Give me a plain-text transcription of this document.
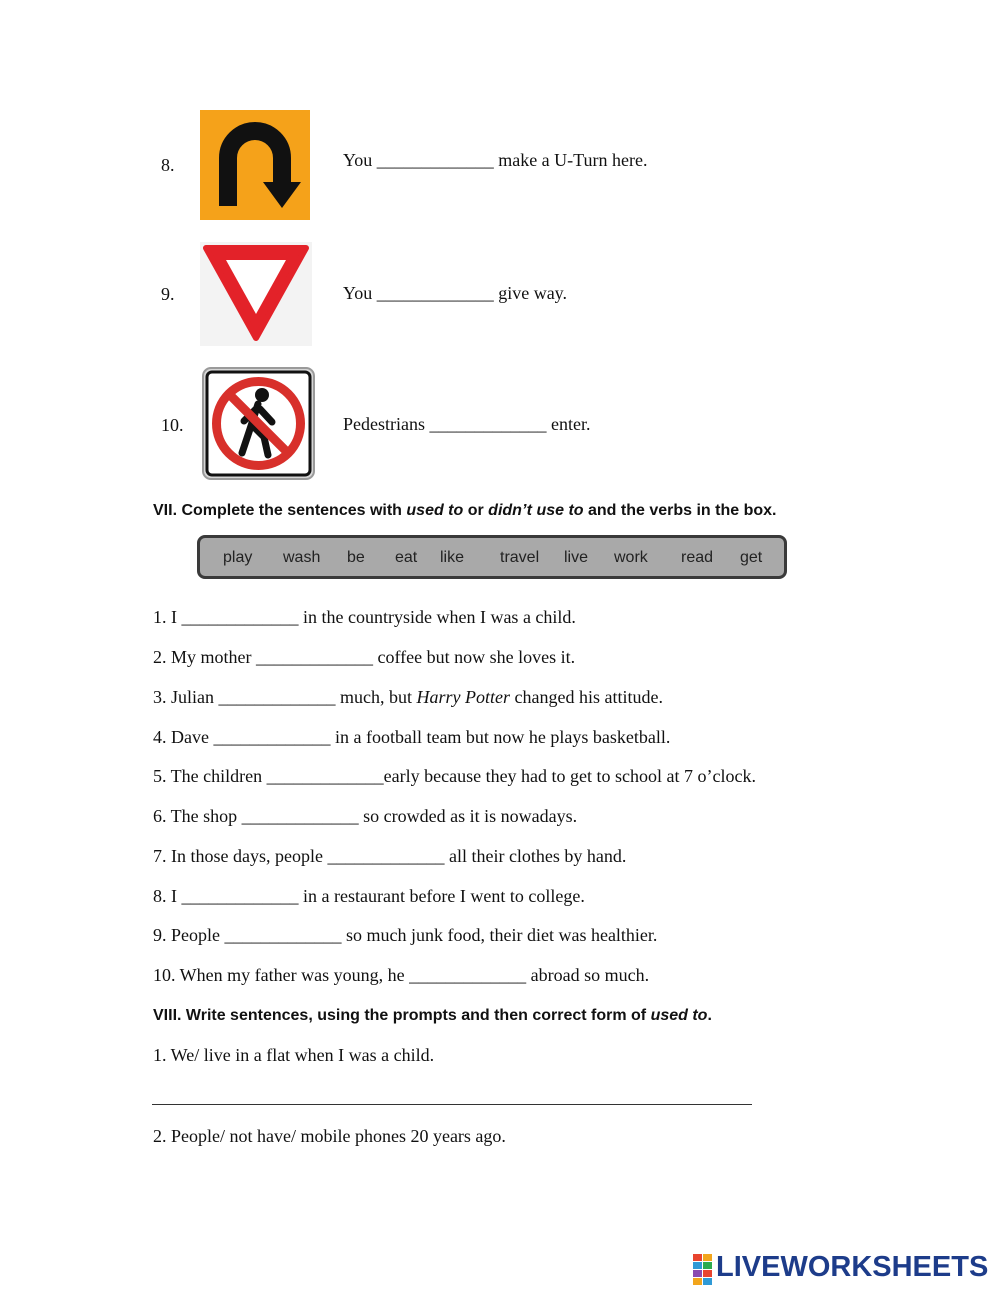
8.	You _____________ make a U-Turn here.
9.	You _____________ give way.
10.	Pedestrians _____________ enter.
VII. Complete the sentences with used to or didn’t use to and the verbs in the box.
play wash be eat like travel live work read get
1. I _____________ in the countryside when I was a child.
2. My mother _____________ coffee but now she loves it.
3. Julian _____________ much, but Harry Potter changed his attitude.
4. Dave _____________ in a football team but now he plays basketball.
5. The children _____________early because they had to get to school at 7 o’clock.
6. The shop _____________ so crowded as it is nowadays.
7. In those days, people _____________ all their clothes by hand.
8. I _____________ in a restaurant before I went to college.
9. People _____________ so much junk food, their diet was healthier.
10. When my father was young, he _____________ abroad so much.
VIII. Write sentences, using the prompts and then correct form of used to.
1. We/ live in a flat when I was a child.
2. People/ not have/ mobile phones 20 years ago.
LIVEWORKSHEETS
